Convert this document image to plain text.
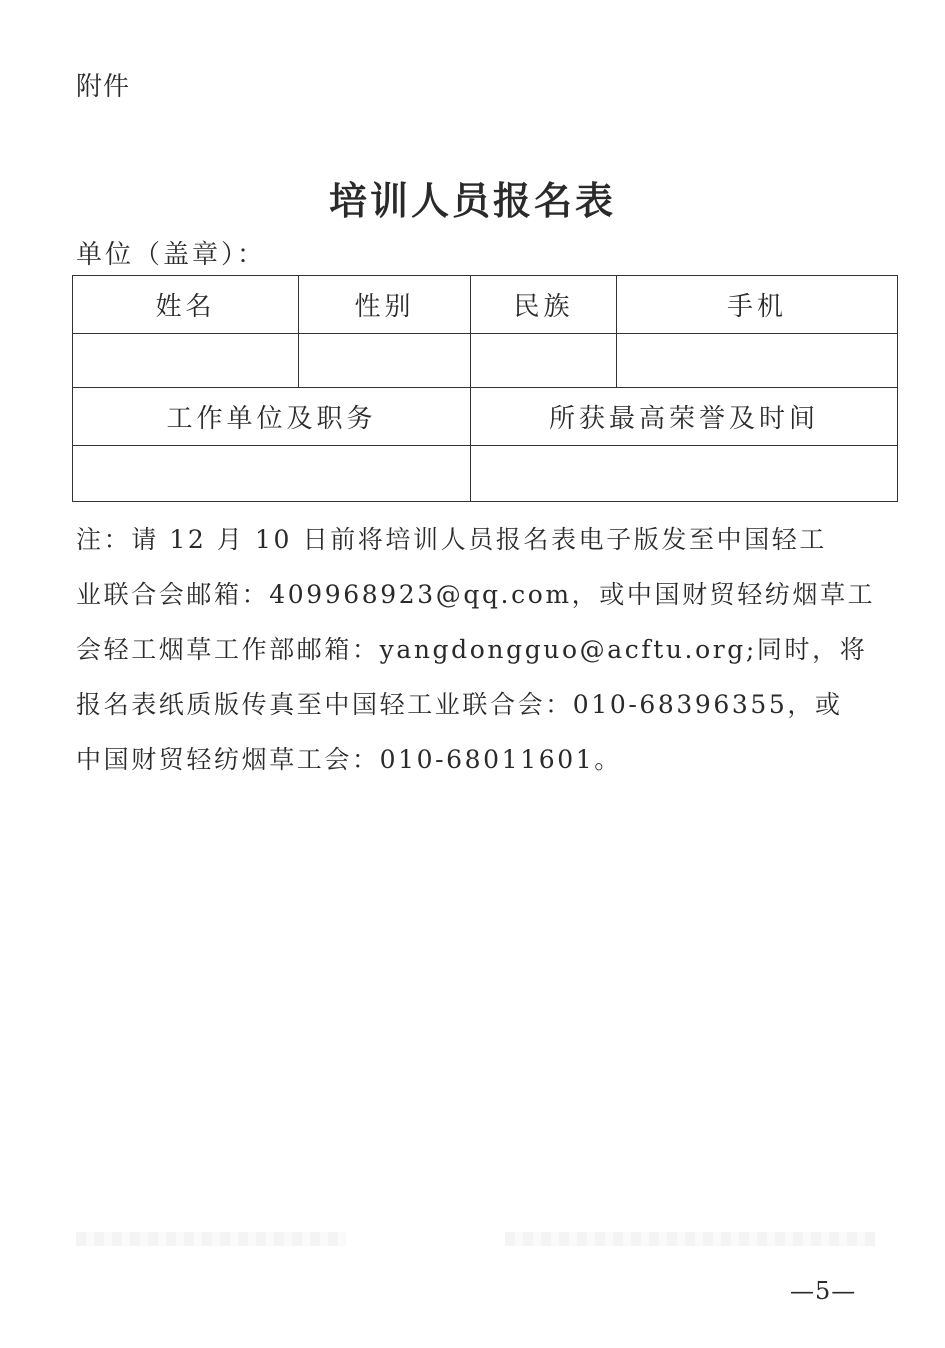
附件
培训人员报名表
单位（盖章）：
姓名	性别	民族	手机

工作单位及职务		所获最高荣誉及时间	

注：请 12 月 10 日前将培训人员报名表电子版发至中国轻工

业联合会邮箱：409968923@qq.com，或中国财贸轻纺烟草工

会轻工烟草工作部邮箱：yangdongguo@acftu.org;同时，将

报名表纸质版传真至中国轻工业联合会：010-68396355，或

中国财贸轻纺烟草工会：010-68011601。

—5—
